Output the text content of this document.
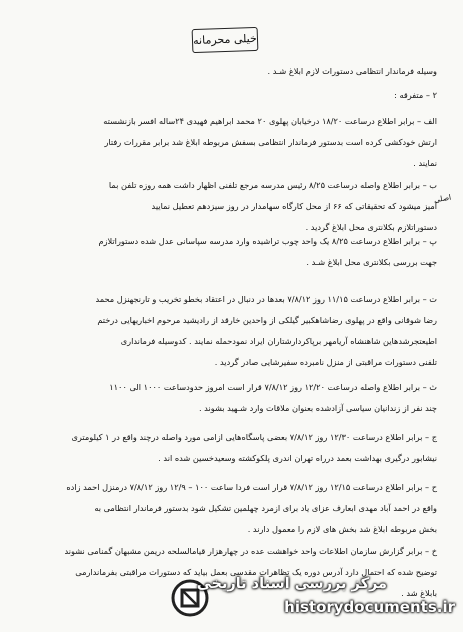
خیلی محرمانه
وسیله فرماندار انتظامی دستورات لازم ابلاغ شـد .
۲ – متفرقه :
الف – برابر اطلاع درساعت ۱۸/۲۰ درخیابان پهلوی ۲۰ محمد ابراهیم فهیدی ۲۴ساله افسر بازنشسته
ارتش خودکشی کرده است بدستور فرماندار انتظامی بسفش مربوطه ابلاغ شد برابر مقررات رفتار
نمایند .
ب – برابر اطلاع واصله درساعت ۸/۲۵ رئیس مدرسه مرجع تلفنی اظهار داشت همه روزه تلفن بما
آمیز میشود که تحقیقاتی که ۶۶ از محل کارگاه سهامدار در روز سیزدهم تعطیل نمایید
دستوراتلازم بکلانتری محل ابلاغ گردید .
پ – برابر اطلاع درساعت ۸/۲۵ یک واحد چوب تراشیده وارد مدرسه سپاسانی عدل شده دستوراتلازم
جهت بررسی بکلانتری محل ابلاغ شـد .
ت – برابر اطلاع درساعت ۱۱/۱۵ روز ۷/۸/۱۲ بعدها در دنبال در اعتقاد بخطو تخریب و تارنجهنزل محمد
رضا شوقانی واقع در پهلوی رضاشاهکبیر گیلکی از واحدین خارقد از رادیشید مرحوم اخباریهایی درختم
اطیعتجرشدهاین شاهنشاه آریامهر برپاکردارشتاران ایراد نمودحمله نمایند . کدوسیله فرمانداری
تلفنی دستورات مراقبتی از منزل نامبرده سفیرشایی صادر گردید .
ث – برابر اطلاع واصله درساعت ۱۲/۲۰ روز ۷/۸/۱۲ قرار است امروز حدودساعت ۱۰۰۰ الی ۱۱۰۰
چند نفر از زندانیان سیاسی آزادشده بعنوان ملاقات وارد شـهید بشوند .
ج – برابر اطلاع درساعت ۱۲/۳۰ روز ۷/۸/۱۲ بعضی پاسگاه‌هایی ازامی مورد واصله درچند واقع در ۱ کیلومتری
نیشابور درگیری بهداشت بعمد درراه تهران اندری پلکوکشته وسعیدخسین شده اند .
ح – برابر اطلاع درساعت ۱۲/۱۵ روز ۷/۸/۱۲ قرار است فردا ساعت ۱۰۰ – ۱۲/۹ روز ۷/۸/۱۲ درمنزل احمد زاده
واقع در احمد آباد مهدی ابعارف عزای یاد برای ازمرد چهلمین تشکیل شود بدستور فرماندار انتظامی به
بخش مربوطه ابلاغ شد بخش های لازم را معمول دارند .
خ – برابر گزارش سازمان اطلاعات واحد خواهشت عده در چهارهزار قیامالسلحه دریمن مشبهان گمنامی نشوند
توضیح شده که احتمال دارد آدرس دوره یک تظاهرات مقدسی بعمل بیاید که دستورات مراقبتی بفرماندارمی
بابلاغ شد .
اصلی
مرکز بررسی اسناد تاریخی
historydocuments.ir
